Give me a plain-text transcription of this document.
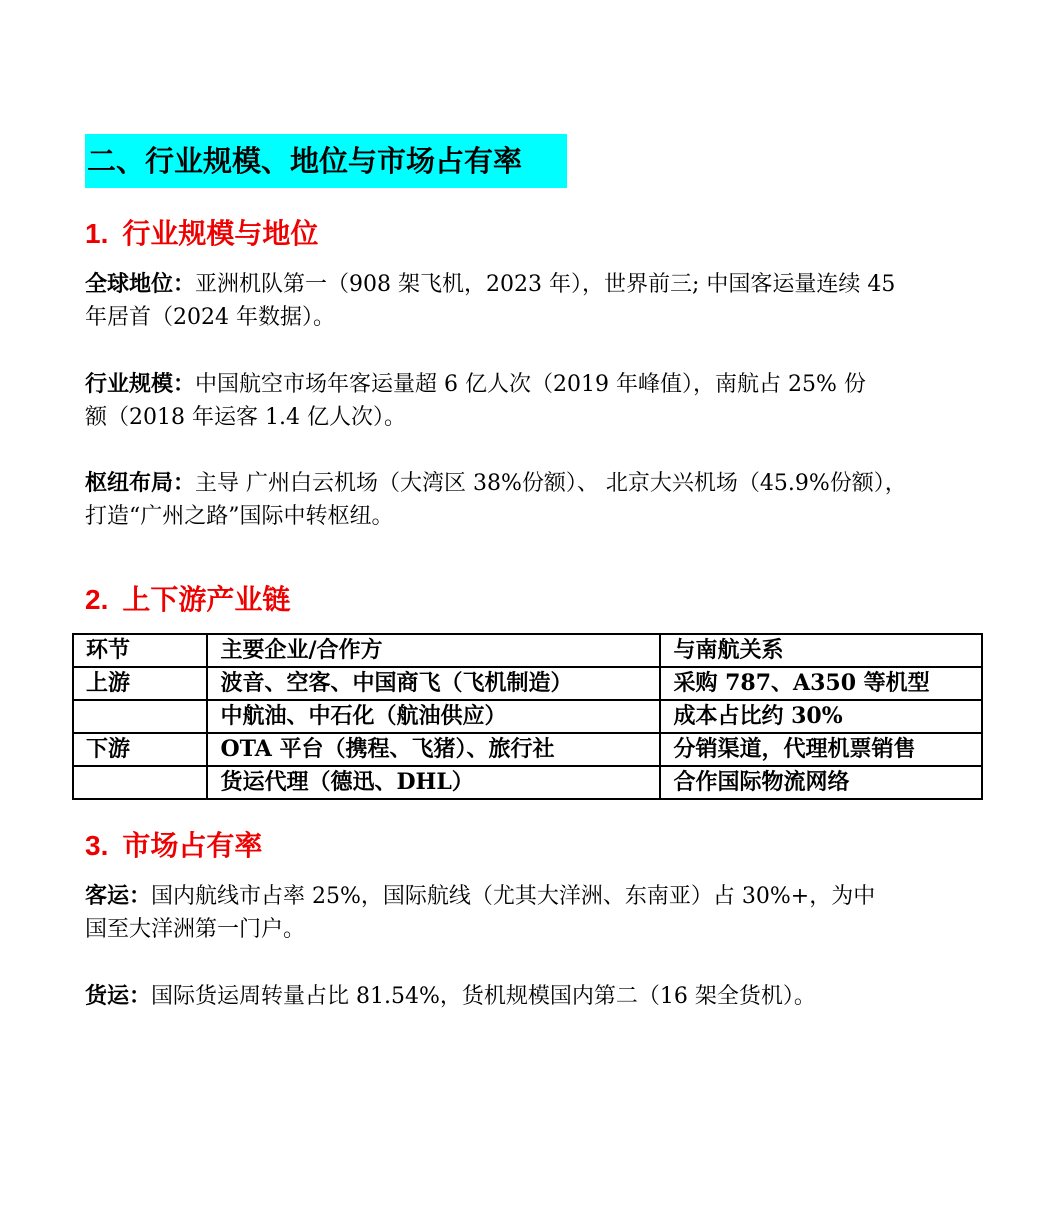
二、行业规模、地位与市场占有率
1. 行业规模与地位
全球地位：亚洲机队第一（908 架飞机，2023 年），世界前三; 中国客运量连续 45
年居首（2024 年数据）。
行业规模：中国航空市场年客运量超 6 亿人次（2019 年峰值），南航占 25% 份
额（2018 年运客 1.4 亿人次）。
枢纽布局：主导 广州白云机场（大湾区 38%份额）、 北京大兴机场（45.9%份额），
打造“广州之路”国际中转枢纽。
2. 上下游产业链
环节	主要企业/合作方	与南航关系
上游	波音、空客、中国商飞（飞机制造）	采购 787、A350 等机型
	中航油、中石化（航油供应）	成本占比约 30%
下游	OTA 平台（携程、飞猪）、旅行社	分销渠道，代理机票销售
	货运代理（德迅、DHL）	合作国际物流网络
3. 市场占有率
客运：国内航线市占率 25%，国际航线（尤其大洋洲、东南亚）占 30%+，为中
国至大洋洲第一门户。
货运：国际货运周转量占比 81.54%，货机规模国内第二（16 架全货机）。
